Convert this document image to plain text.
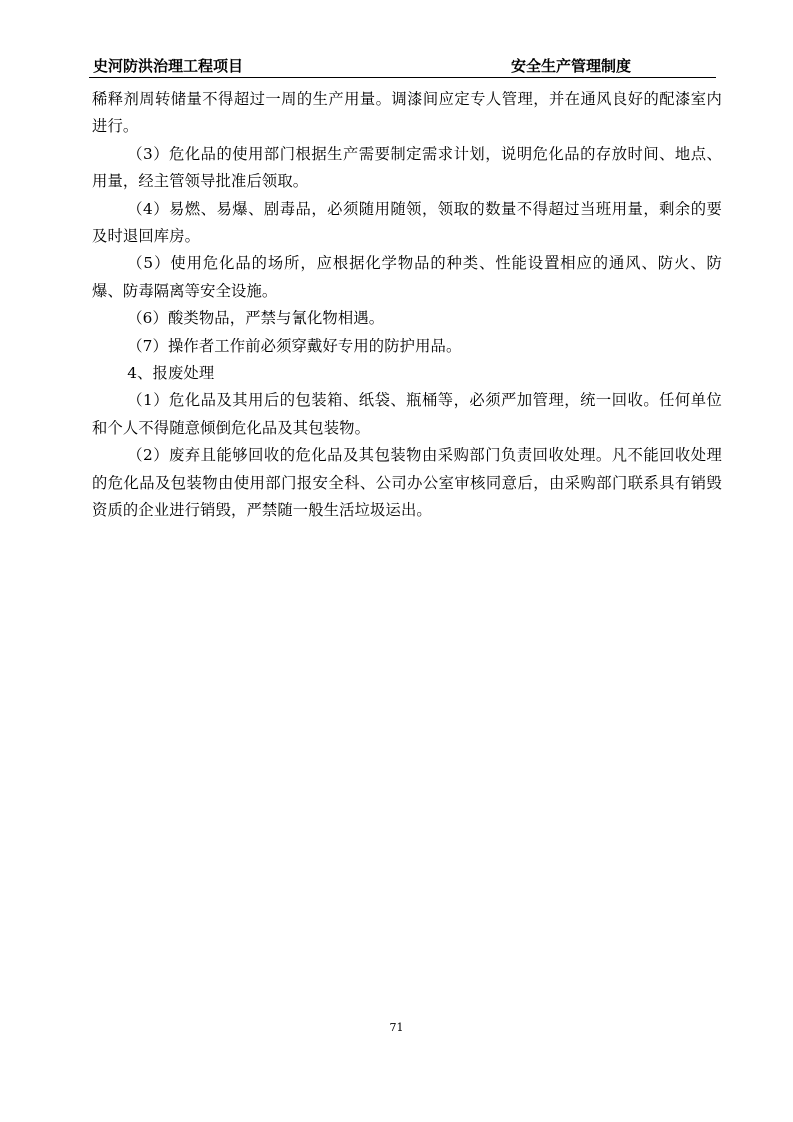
史河防洪治理工程项目	安全生产管理制度

稀释剂周转储量不得超过一周的生产用量。调漆间应定专人管理，并在通风良好的配漆室内进行。

（3）危化品的使用部门根据生产需要制定需求计划，说明危化品的存放时间、地点、用量，经主管领导批准后领取。

（4）易燃、易爆、剧毒品，必须随用随领，领取的数量不得超过当班用量，剩余的要及时退回库房。

（5）使用危化品的场所，应根据化学物品的种类、性能设置相应的通风、防火、防爆、防毒隔离等安全设施。

（6）酸类物品，严禁与氰化物相遇。

（7）操作者工作前必须穿戴好专用的防护用品。

4、报废处理

（1）危化品及其用后的包装箱、纸袋、瓶桶等，必须严加管理，统一回收。任何单位和个人不得随意倾倒危化品及其包装物。

（2）废弃且能够回收的危化品及其包装物由采购部门负责回收处理。凡不能回收处理的危化品及包装物由使用部门报安全科、公司办公室审核同意后，由采购部门联系具有销毁资质的企业进行销毁，严禁随一般生活垃圾运出。

71
